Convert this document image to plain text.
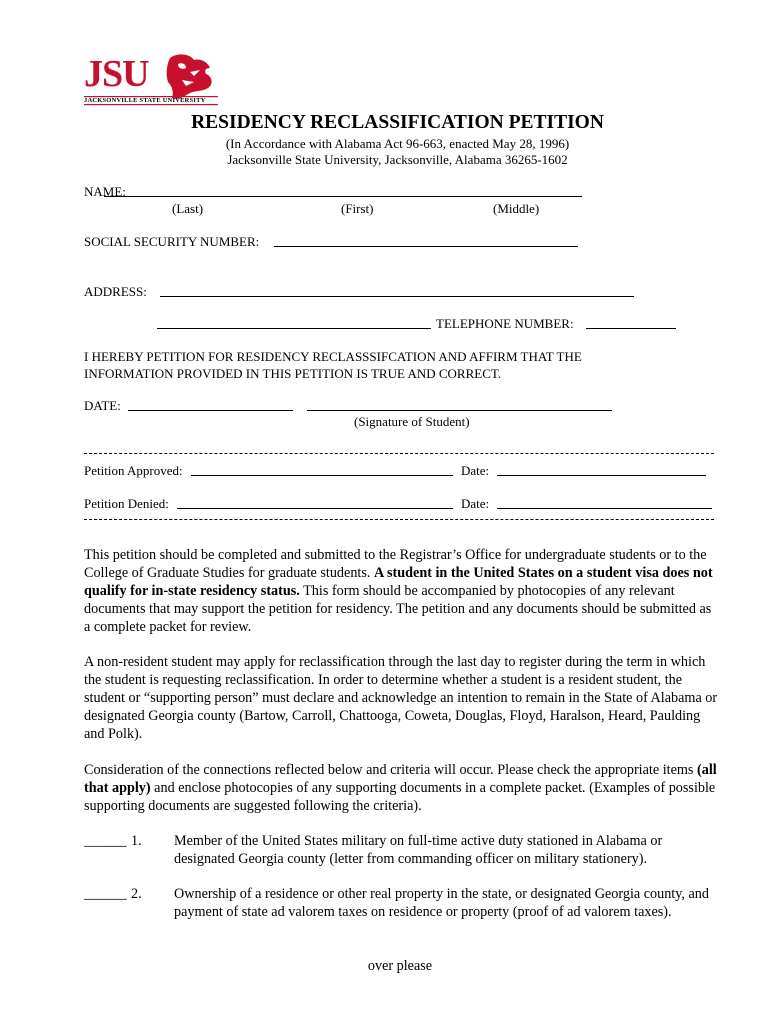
JSU
JACKSONVILLE STATE UNIVERSITY
RESIDENCY RECLASSIFICATION PETITION
(In Accordance with Alabama Act 96-663, enacted May 28, 1996)
Jacksonville State University, Jacksonville, Alabama 36265-1602
NAME:
(Last)	(First)	(Middle)
SOCIAL SECURITY NUMBER:
ADDRESS:
TELEPHONE NUMBER:
I HEREBY PETITION FOR RESIDENCY RECLASSSIFCATION AND AFFIRM THAT THE
INFORMATION PROVIDED IN THIS PETITION IS TRUE AND CORRECT.
DATE:
(Signature of Student)
Petition Approved:	Date:
Petition Denied:	Date:
This petition should be completed and submitted to the Registrar’s Office for undergraduate students or to the College of Graduate Studies for graduate students. A student in the United States on a student visa does not qualify for in-state residency status. This form should be accompanied by photocopies of any relevant documents that may support the petition for residency. The petition and any documents should be submitted as a complete packet for review.
A non-resident student may apply for reclassification through the last day to register during the term in which the student is requesting reclassification. In order to determine whether a student is a resident student, the student or “supporting person” must declare and acknowledge an intention to remain in the State of Alabama or designated Georgia county (Bartow, Carroll, Chattooga, Coweta, Douglas, Floyd, Haralson, Heard, Paulding and Polk).
Consideration of the connections reflected below and criteria will occur. Please check the appropriate items (all that apply) and enclose photocopies of any supporting documents in a complete packet. (Examples of possible supporting documents are suggested following the criteria).
______ 1. Member of the United States military on full-time active duty stationed in Alabama or designated Georgia county (letter from commanding officer on military stationery).
______ 2. Ownership of a residence or other real property in the state, or designated Georgia county, and payment of state ad valorem taxes on residence or property (proof of ad valorem taxes).
over please
